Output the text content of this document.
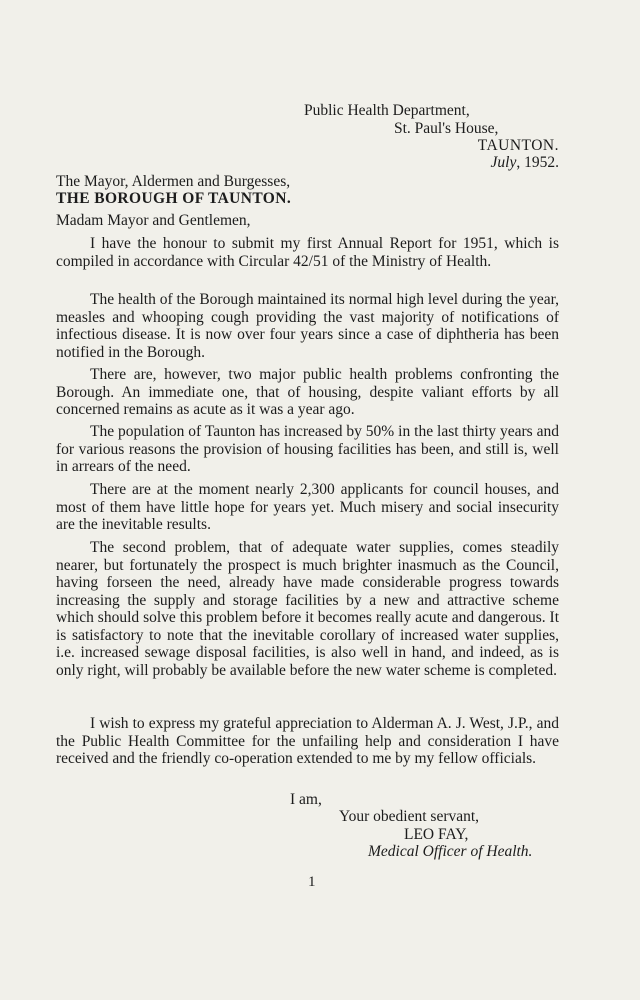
Public Health Department,
St. Paul's House,
TAUNTON.
July, 1952.
The Mayor, Aldermen and Burgesses,
THE BOROUGH OF TAUNTON.
Madam Mayor and Gentlemen,

I have the honour to submit my first Annual Report for 1951, which is compiled in accordance with Circular 42/51 of the Ministry of Health.

The health of the Borough maintained its normal high level during the year, measles and whooping cough providing the vast majority of notifications of infectious disease. It is now over four years since a case of diphtheria has been notified in the Borough.

There are, however, two major public health problems confronting the Borough. An immediate one, that of housing, despite valiant efforts by all concerned remains as acute as it was a year ago.

The population of Taunton has increased by 50% in the last thirty years and for various reasons the provision of housing facilities has been, and still is, well in arrears of the need.

There are at the moment nearly 2,300 applicants for council houses, and most of them have little hope for years yet. Much misery and social insecurity are the inevitable results.

The second problem, that of adequate water supplies, comes steadily nearer, but fortunately the prospect is much brighter inasmuch as the Council, having forseen the need, already have made considerable progress towards increasing the supply and storage facilities by a new and attractive scheme which should solve this problem before it becomes really acute and dangerous. It is satisfactory to note that the inevitable corollary of increased water supplies, i.e. increased sewage disposal facilities, is also well in hand, and indeed, as is only right, will probably be available before the new water scheme is completed.

I wish to express my grateful appreciation to Alderman A. J. West, J.P., and the Public Health Committee for the unfailing help and consideration I have received and the friendly co-operation extended to me by my fellow officials.

I am,
Your obedient servant,
LEO FAY,
Medical Officer of Health.
1
